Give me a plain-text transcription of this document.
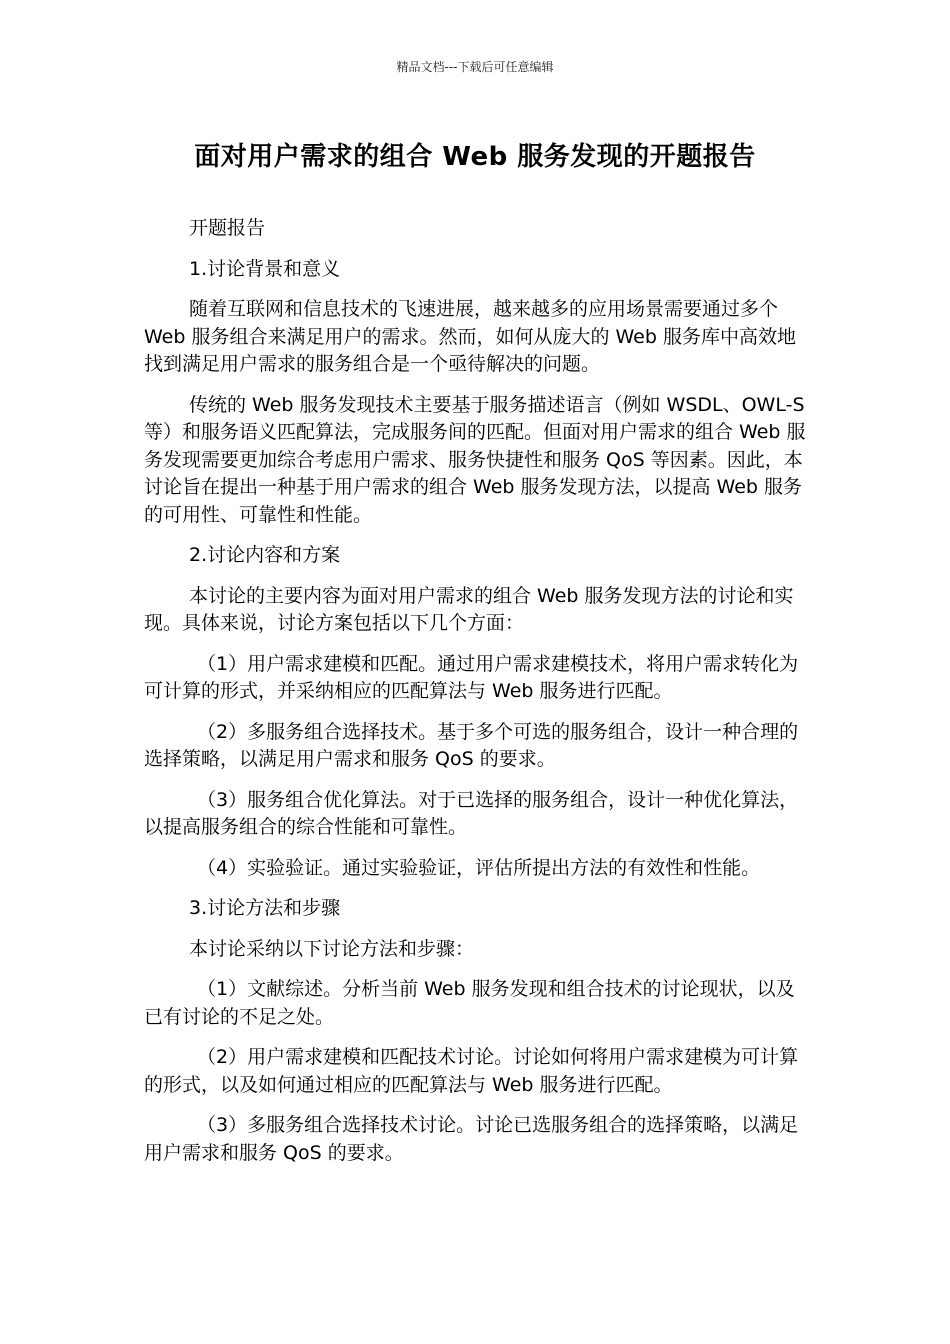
精品文档---下载后可任意编辑
面对用户需求的组合 Web 服务发现的开题报告

开题报告

1.讨论背景和意义

随着互联网和信息技术的飞速进展，越来越多的应用场景需要通过多个 Web 服务组合来满足用户的需求。然而，如何从庞大的 Web 服务库中高效地找到满足用户需求的服务组合是一个亟待解决的问题。

传统的 Web 服务发现技术主要基于服务描述语言（例如 WSDL、OWL-S 等）和服务语义匹配算法，完成服务间的匹配。但面对用户需求的组合 Web 服务发现需要更加综合考虑用户需求、服务快捷性和服务 QoS 等因素。因此，本讨论旨在提出一种基于用户需求的组合 Web 服务发现方法，以提高 Web 服务的可用性、可靠性和性能。

2.讨论内容和方案

本讨论的主要内容为面对用户需求的组合 Web 服务发现方法的讨论和实现。具体来说，讨论方案包括以下几个方面：

（1）用户需求建模和匹配。通过用户需求建模技术，将用户需求转化为可计算的形式，并采纳相应的匹配算法与 Web 服务进行匹配。

（2）多服务组合选择技术。基于多个可选的服务组合，设计一种合理的选择策略，以满足用户需求和服务 QoS 的要求。

（3）服务组合优化算法。对于已选择的服务组合，设计一种优化算法，以提高服务组合的综合性能和可靠性。

（4）实验验证。通过实验验证，评估所提出方法的有效性和性能。

3.讨论方法和步骤

本讨论采纳以下讨论方法和步骤：

（1）文献综述。分析当前 Web 服务发现和组合技术的讨论现状，以及已有讨论的不足之处。

（2）用户需求建模和匹配技术讨论。讨论如何将用户需求建模为可计算的形式，以及如何通过相应的匹配算法与 Web 服务进行匹配。

（3）多服务组合选择技术讨论。讨论已选服务组合的选择策略，以满足用户需求和服务 QoS 的要求。
